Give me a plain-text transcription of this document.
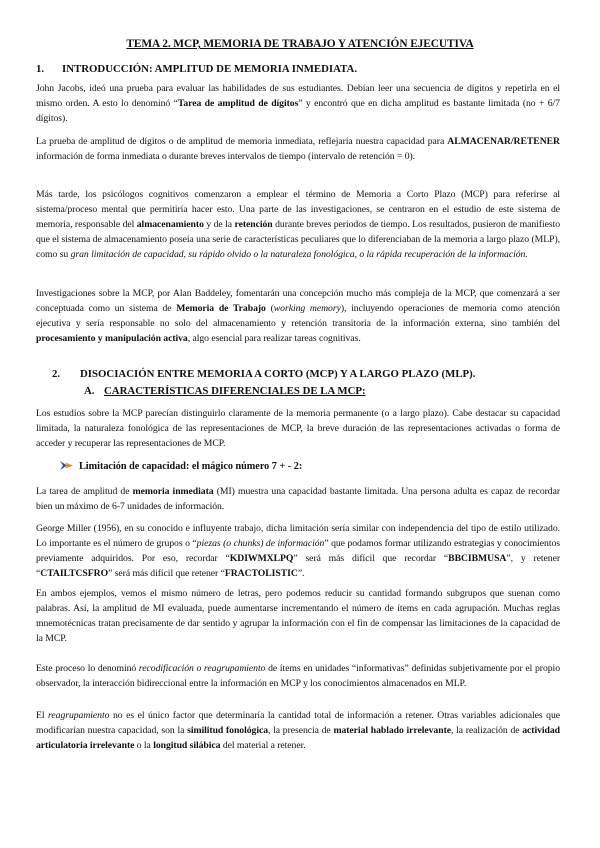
TEMA 2. MCP, MEMORIA DE TRABAJO Y ATENCIÓN EJECUTIVA
1. INTRODUCCIÓN: AMPLITUD DE MEMORIA INMEDIATA.

John Jacobs, ideó una prueba para evaluar las habilidades de sus estudiantes. Debían leer una secuencia de dígitos y repetirla en el mismo orden. A esto lo denominó “Tarea de amplitud de dígitos” y encontró que en dicha amplitud es bastante limitada (no + 6/7 dígitos).

La prueba de amplitud de dígitos o de amplitud de memoria inmediata, reflejaría nuestra capacidad para ALMACENAR/RETENER información de forma inmediata o durante breves intervalos de tiempo (intervalo de retención = 0).

Más tarde, los psicólogos cognitivos comenzaron a emplear el término de Memoria a Corto Plazo (MCP) para referirse al sistema/proceso mental que permitiría hacer esto. Una parte de las investigaciones, se centraron en el estudio de este sistema de memoria, responsable del almacenamiento y de la retención durante breves periodos de tiempo. Los resultados, pusieron de manifiesto que el sistema de almacenamiento poseía una serie de características peculiares que lo diferenciaban de la memoria a largo plazo (MLP), como su gran limitación de capacidad, su rápido olvido o la naturaleza fonológica, o la rápida recuperación de la información.

Investigaciones sobre la MCP, por Alan Baddeley, fomentarán una concepción mucho más compleja de la MCP, que comenzará a ser conceptuada como un sistema de Memoria de Trabajo (working memory), incluyendo operaciones de memoria como atención ejecutiva y sería responsable no solo del almacenamiento y retención transitoria de la información externa, sino también del procesamiento y manipulación activa, algo esencial para realizar tareas cognitivas.

2. DISOCIACIÓN ENTRE MEMORIA A CORTO (MCP) Y A LARGO PLAZO (MLP).
A. CARACTERÍSTICAS DIFERENCIALES DE LA MCP:

Los estudios sobre la MCP parecían distinguirlo claramente de la memoria permanente (o a largo plazo). Cabe destacar su capacidad limitada, la naturaleza fonológica de las representaciones de MCP, la breve duración de las representaciones activadas o forma de acceder y recuperar las representaciones de MCP.

Limitación de capacidad: el mágico número 7 + - 2:

La tarea de amplitud de memoria inmediata (MI) muestra una capacidad bastante limitada. Una persona adulta es capaz de recordar bien un máximo de 6-7 unidades de información.

George Miller (1956), en su conocido e influyente trabajo, dicha limitación sería similar con independencia del tipo de estilo utilizado. Lo importante es el número de grupos o “piezas (o chunks) de información” que podamos formar utilizando estrategias y conocimientos previamente adquiridos. Por eso, recordar “KDIWMXLPQ” será más difícil que recordar “BBCIBMUSA”, y retener “CTAILTCSFRO” será más difícil que retener “FRACTOLISTIC”.

En ambos ejemplos, vemos el mismo número de letras, pero podemos reducir su cantidad formando subgrupos que suenan como palabras. Así, la amplitud de MI evaluada, puede aumentarse incrementando el número de ítems en cada agrupación. Muchas reglas mnemotécnicas tratan precisamente de dar sentido y agrupar la información con el fin de compensar las limitaciones de la capacidad de la MCP.

Este proceso lo denominó recodificación o reagrupamiento de ítems en unidades “informativas” definidas subjetivamente por el propio observador, la interacción bidireccional entre la información en MCP y los conocimientos almacenados en MLP.

El reagrupamiento no es el único factor que determinaría la cantidad total de información a retener. Otras variables adicionales que modificarían nuestra capacidad, son la similitud fonológica, la presencia de material hablado irrelevante, la realización de actividad articulatoria irrelevante o la longitud silábica del material a retener.
